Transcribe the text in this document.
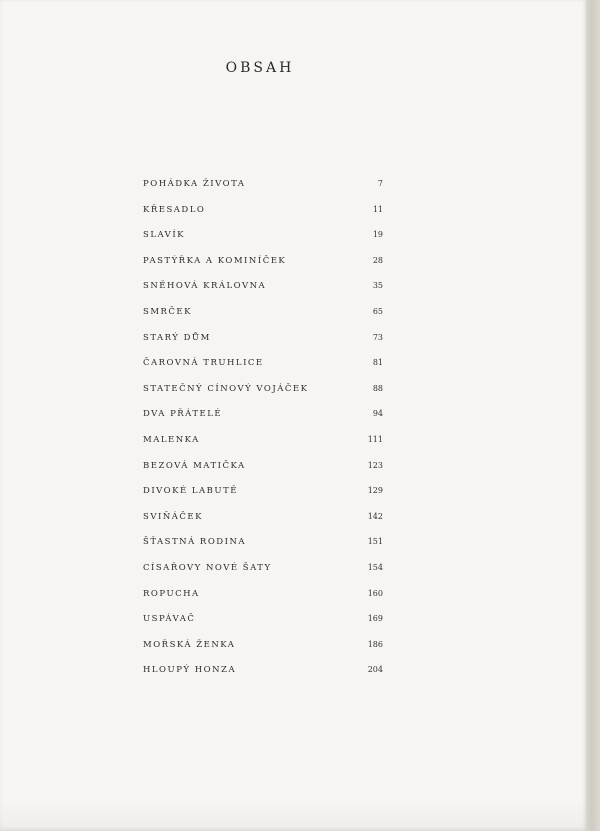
OBSAH
POHÁDKA ŽIVOTA	7
KŘESADLO	11
SLAVÍK	19
PASTÝŘKA A KOMINÍČEK	28
SNĚHOVÁ KRÁLOVNA	35
SMRČEK	65
STARÝ DŮM	73
ČAROVNÁ TRUHLICE	81
STATEČNÝ CÍNOVÝ VOJÁČEK	88
DVA PŘÁTELÉ	94
MALENKA	111
BEZOVÁ MATIČKA	123
DIVOKÉ LABUTĚ	129
SVIŇÁČEK	142
ŠŤASTNÁ RODINA	151
CÍSAŘOVY NOVÉ ŠATY	154
ROPUCHA	160
USPÁVAČ	169
MOŘSKÁ ŽENKA	186
HLOUPÝ HONZA	204
